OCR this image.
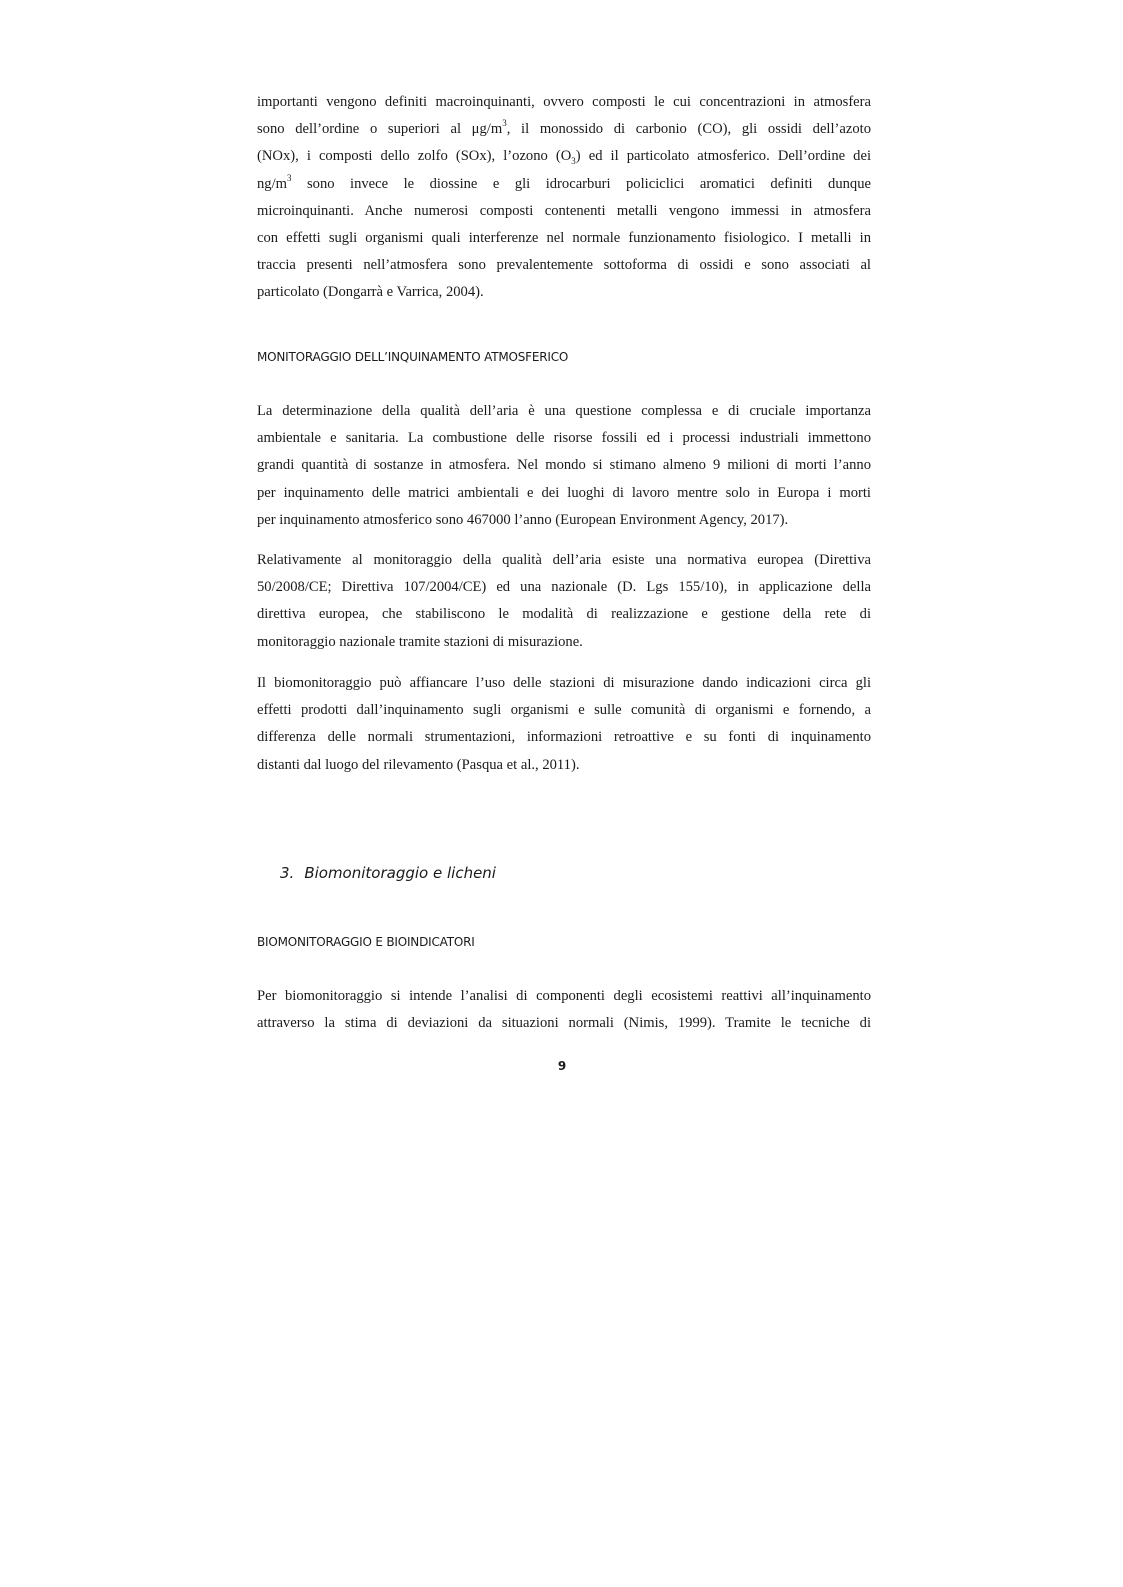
importanti vengono definiti macroinquinanti, ovvero composti le cui concentrazioni in atmosfera
sono dell’ordine o superiori al $\mu g/m^3$, il monossido di carbonio (CO), gli ossidi dell’azoto
(NOx), i composti dello zolfo (SOx), l’ozono $(O_3)$ ed il particolato atmosferico. Dell’ordine dei
$ng/m^3$ sono invece le diossine e gli idrocarburi policiclici aromatici definiti dunque
microinquinanti. Anche numerosi composti contenenti metalli vengono immessi in atmosfera
con effetti sugli organismi quali interferenze nel normale funzionamento fisiologico. I metalli in
traccia presenti nell’atmosfera sono prevalentemente sottoforma di ossidi e sono associati al
particolato (Dongarrà e Varrica, 2004).
MONITORAGGIO DELL’INQUINAMENTO ATMOSFERICO
La determinazione della qualità dell’aria è una questione complessa e di cruciale importanza
ambientale e sanitaria. La combustione delle risorse fossili ed i processi industriali immettono
grandi quantità di sostanze in atmosfera. Nel mondo si stimano almeno 9 milioni di morti l’anno
per inquinamento delle matrici ambientali e dei luoghi di lavoro mentre solo in Europa i morti
per inquinamento atmosferico sono 467000 l’anno (European Environment Agency, 2017).
Relativamente al monitoraggio della qualità dell’aria esiste una normativa europea (Direttiva
50/2008/CE; Direttiva 107/2004/CE) ed una nazionale (D. Lgs 155/10), in applicazione della
direttiva europea, che stabiliscono le modalità di realizzazione e gestione della rete di
monitoraggio nazionale tramite stazioni di misurazione.
Il biomonitoraggio può affiancare l’uso delle stazioni di misurazione dando indicazioni circa gli
effetti prodotti dall’inquinamento sugli organismi e sulle comunità di organismi e fornendo, a
differenza delle normali strumentazioni, informazioni retroattive e su fonti di inquinamento
distanti dal luogo del rilevamento (Pasqua et al., 2011).
3. Biomonitoraggio e licheni
BIOMONITORAGGIO E BIOINDICATORI
Per biomonitoraggio si intende l’analisi di componenti degli ecosistemi reattivi all’inquinamento
attraverso la stima di deviazioni da situazioni normali (Nimis, 1999). Tramite le tecniche di
9
